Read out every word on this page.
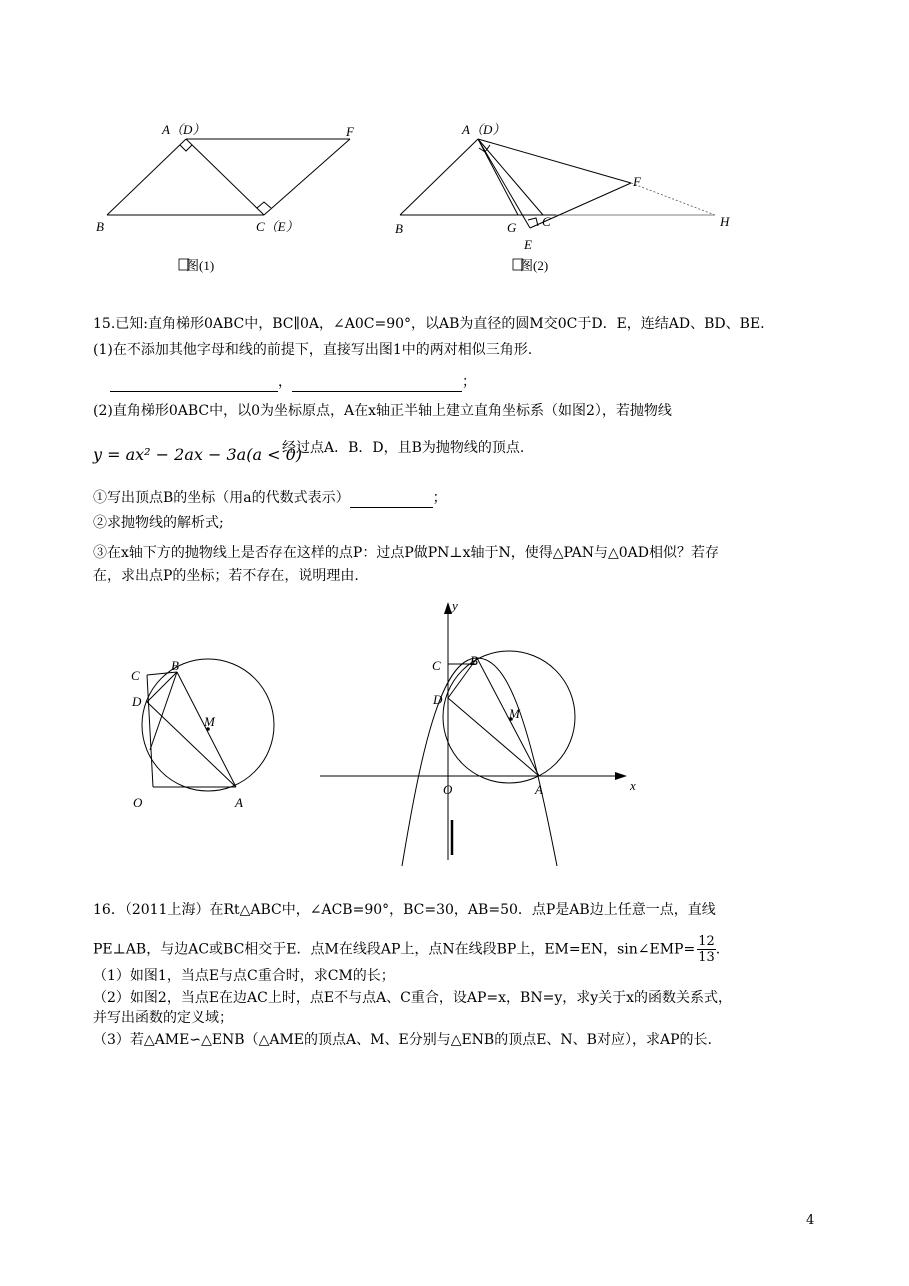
A（D）	F
B	C（E）
图(1)
A（D）
F
B	G C
E
H
图(2)
15.已知:直角梯形0ABC中，BC∥0A，∠A0C=90°，以AB为直径的圆M交0C于D．E，连结AD、BD、BE.
(1)在不添加其他字母和线的前提下，直接写出图1中的两对相似三角形.
，	；
(2)直角梯形0ABC中，以0为坐标原点，A在x轴正半轴上建立直角坐标系（如图2），若抛物线
y = ax² − 2ax − 3a(a < 0)
经过点A．B．D，且B为抛物线的顶点.
①写出顶点B的坐标（用a的代数式表示）	；
②求抛物线的解析式;
③在x轴下方的抛物线上是否存在这样的点P：过点P做PN⊥x轴于N，使得△PAN与△0AD相似？若存
在，求出点P的坐标；若不存在，说明理由.
C
B
D
M
O	A
y
C B
D
M
O	A	x
16．（2011上海）在Rt△ABC中，∠ACB=90°，BC=30，AB=50．点P是AB边上任意一点，直线
PE⊥AB，与边AC或BC相交于E．点M在线段AP上，点N在线段BP上，EM=EN，sin∠EMP= $\frac{12}{13}$ .
（1）如图1，当点E与点C重合时，求CM的长；
（2）如图2，当点E在边AC上时，点E不与点A、C重合，设AP=x，BN=y，求y关于x的函数关系式，
并写出函数的定义域；
（3）若△AME∽△ENB（△AME的顶点A、M、E分别与△ENB的顶点E、N、B对应），求AP的长.
4
